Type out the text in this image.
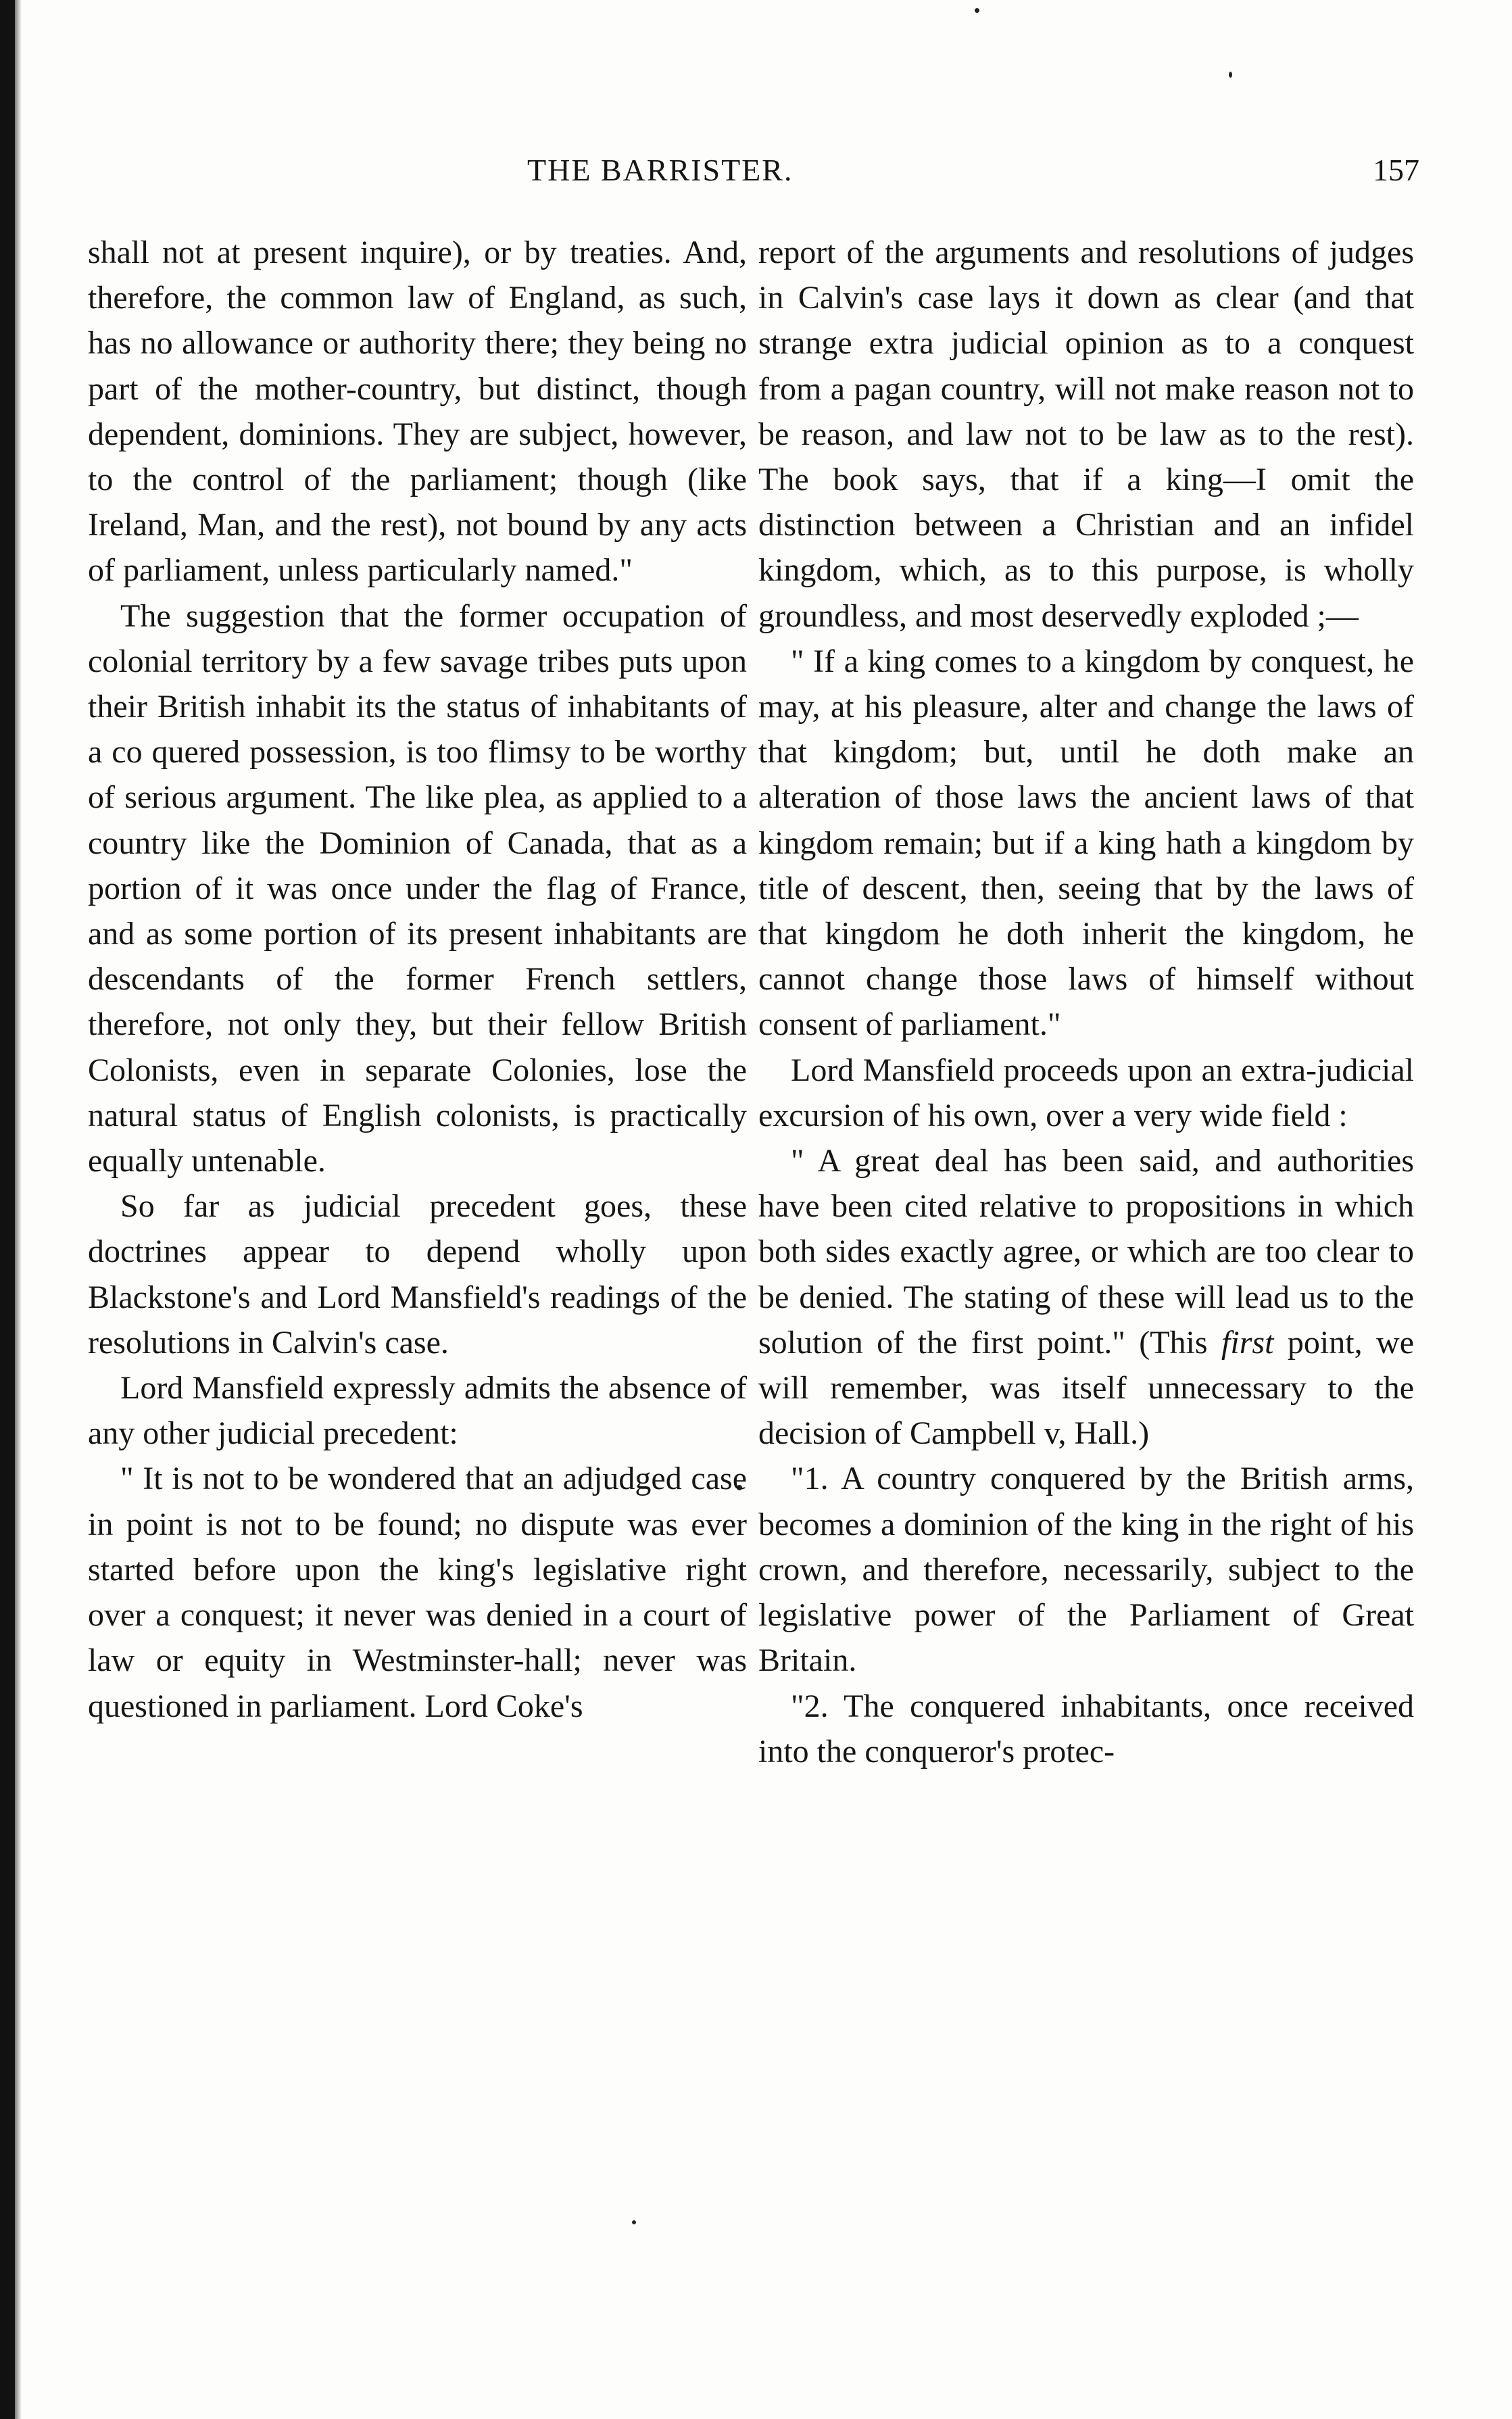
THE BARRISTER.	157

shall not at present inquire), or by treaties. And, therefore, the common law of England, as such, has no allowance or authority there; they being no part of the mother-country, but distinct, though dependent, dominions. They are subject, however, to the control of the parliament; though (like Ireland, Man, and the rest), not bound by any acts of parliament, unless particularly named."

The suggestion that the former occupation of colonial territory by a few savage tribes puts upon their British inhabit its the status of inhabitants of a co quered possession, is too flimsy to be worthy of serious argument. The like plea, as applied to a country like the Dominion of Canada, that as a portion of it was once under the flag of France, and as some portion of its present inhabitants are descendants of the former French settlers, therefore, not only they, but their fellow British Colonists, even in separate Colonies, lose the natural status of English colonists, is practically equally untenable.

So far as judicial precedent goes, these doctrines appear to depend wholly upon Blackstone's and Lord Mansfield's readings of the resolutions in Calvin's case.

Lord Mansfield expressly admits the absence of any other judicial precedent:

" It is not to be wondered that an adjudged case in point is not to be found; no dispute was ever started before upon the king's legislative right over a conquest; it never was denied in a court of law or equity in Westminster-hall; never was questioned in parliament. Lord Coke's

report of the arguments and resolutions of judges in Calvin's case lays it down as clear (and that strange extra judicial opinion as to a conquest from a pagan country, will not make reason not to be reason, and law not to be law as to the rest). The book says, that if a king—I omit the distinction between a Christian and an infidel kingdom, which, as to this purpose, is wholly groundless, and most deservedly exploded ;—

" If a king comes to a kingdom by conquest, he may, at his pleasure, alter and change the laws of that kingdom; but, until he doth make an alteration of those laws the ancient laws of that kingdom remain; but if a king hath a kingdom by title of descent, then, seeing that by the laws of that kingdom he doth inherit the kingdom, he cannot change those laws of himself without consent of parliament."

Lord Mansfield proceeds upon an extra-judicial excursion of his own, over a very wide field :

" A great deal has been said, and authorities have been cited relative to propositions in which both sides exactly agree, or which are too clear to be denied. The stating of these will lead us to the solution of the first point." (This first point, we will remember, was itself unnecessary to the decision of Campbell v, Hall.)

"1. A country conquered by the British arms, becomes a dominion of the king in the right of his crown, and therefore, necessarily, subject to the legislative power of the Parliament of Great Britain.

"2. The conquered inhabitants, once received into the conqueror's protec-
